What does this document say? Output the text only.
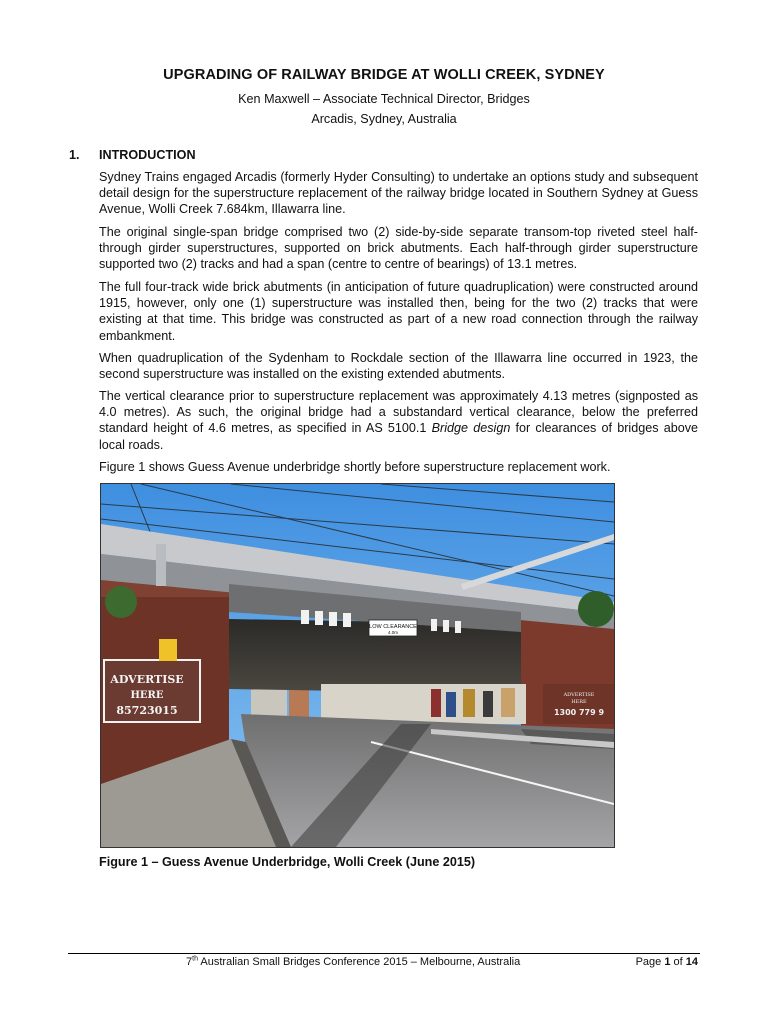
UPGRADING OF RAILWAY BRIDGE AT WOLLI CREEK, SYDNEY
Ken Maxwell – Associate Technical Director, Bridges
Arcadis, Sydney, Australia
1. INTRODUCTION

Sydney Trains engaged Arcadis (formerly Hyder Consulting) to undertake an options study and subsequent detail design for the superstructure replacement of the railway bridge located in Southern Sydney at Guess Avenue, Wolli Creek 7.684km, Illawarra line.

The original single-span bridge comprised two (2) side-by-side separate transom-top riveted steel half-through girder superstructures, supported on brick abutments. Each half-through girder superstructure supported two (2) tracks and had a span (centre to centre of bearings) of 13.1 metres.

The full four-track wide brick abutments (in anticipation of future quadruplication) were constructed around 1915, however, only one (1) superstructure was installed then, being for the two (2) tracks that were existing at that time. This bridge was constructed as part of a new road connection through the railway embankment.

When quadruplication of the Sydenham to Rockdale section of the Illawarra line occurred in 1923, the second superstructure was installed on the existing extended abutments.

The vertical clearance prior to superstructure replacement was approximately 4.13 metres (signposted as 4.0 metres). As such, the original bridge had a substandard vertical clearance, below the preferred standard height of 4.6 metres, as specified in AS 5100.1 Bridge design for clearances of bridges above local roads.

Figure 1 shows Guess Avenue underbridge shortly before superstructure replacement work.

LOW CLEARANCE
4.0m
ADVERTISE
HERE
85723015
ADVERTISE
HERE
1300 779 9
Figure 1 – Guess Avenue Underbridge, Wolli Creek (June 2015)
7th Australian Small Bridges Conference 2015 – Melbourne, Australia	Page 1 of 14
